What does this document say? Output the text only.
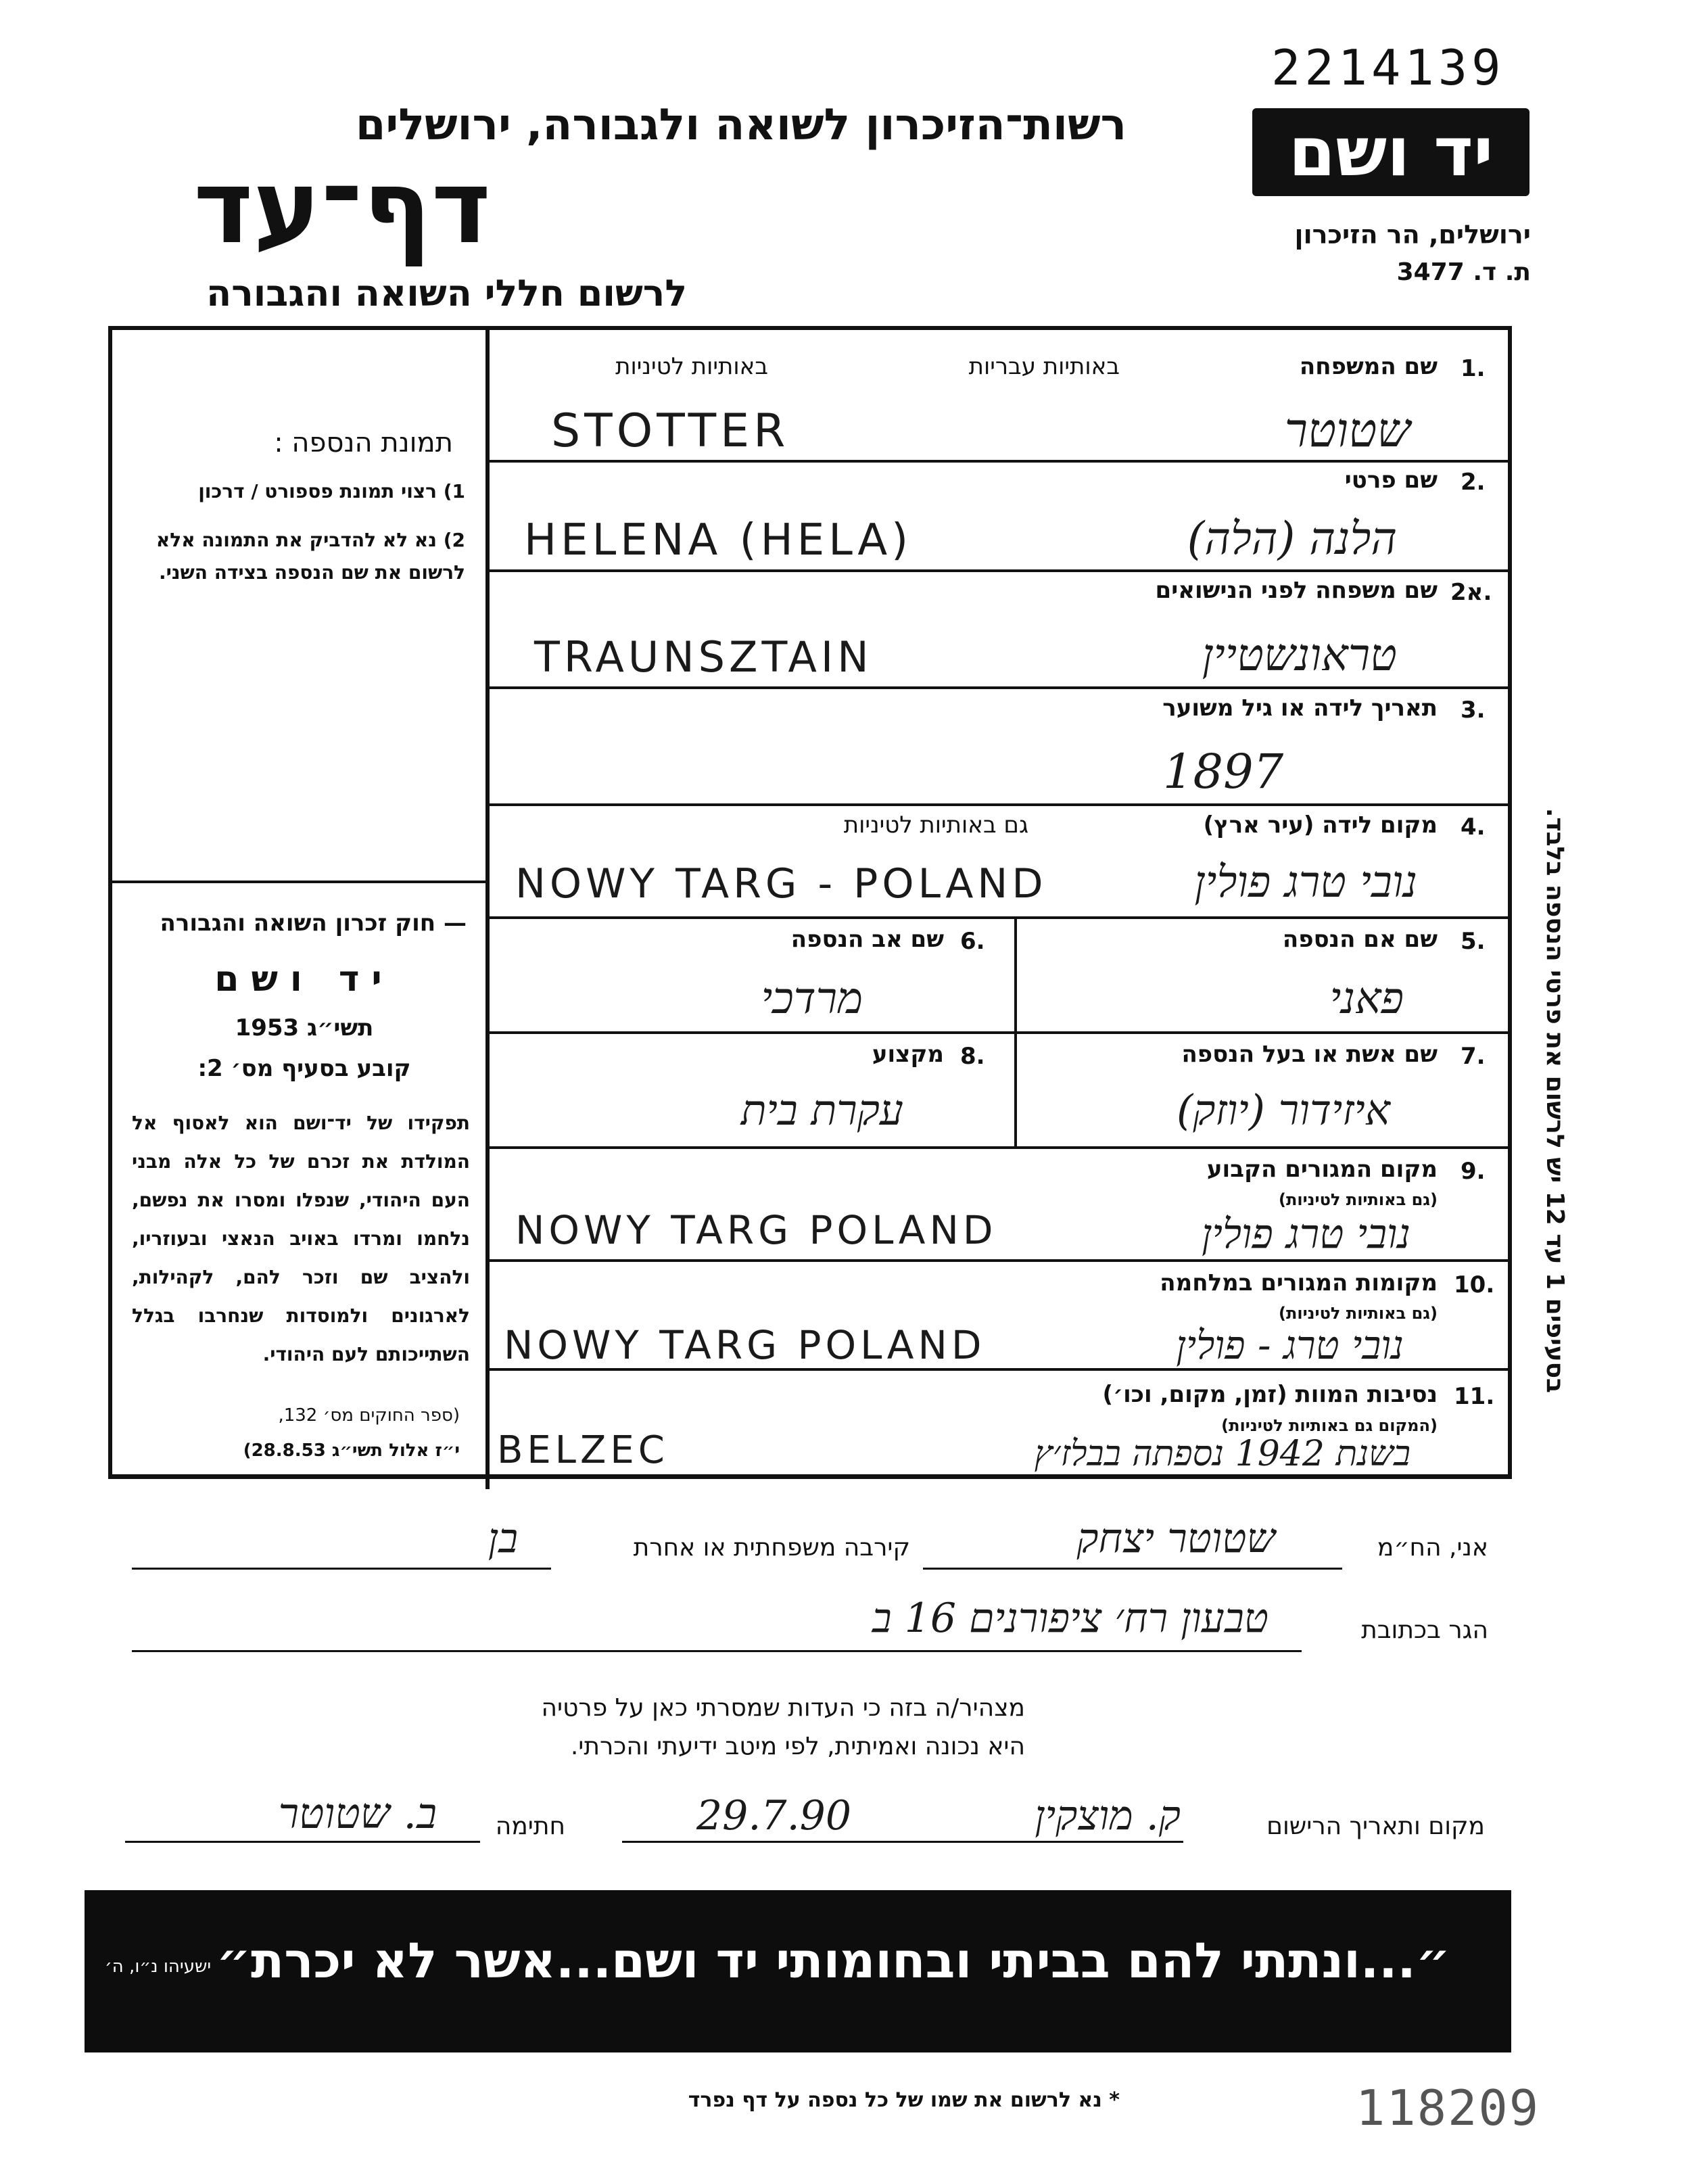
2214139
רשות־הזיכרון לשואה ולגבורה, ירושלים
דף־עד
לרשום חללי השואה והגבורה
יד ושם
ירושלים, הר הזיכרון
ת. ד. 3477
תמונת הנספה :
1) רצוי תמונת פספורט / דרכון
2) נא לא להדביק את התמונה אלא לרשום את שם הנספה בצידה השני.
— חוק זכרון השואה והגבורה
יד ושם
תשי״ג 1953
קובע בסעיף מס׳ 2:
תפקידו של יד־ושם הוא לאסוף אל המולדת את זכרם של כל אלה מבני העם היהודי, שנפלו ומסרו את נפשם, נלחמו ומרדו באויב הנאצי ובעוזריו, ולהציב שם וזכר להם, לקהילות, לארגונים ולמוסדות שנחרבו בגלל השתייכותם לעם היהודי.
(ספר החוקים מס׳ 132,
י״ז אלול תשי״ג 28.8.53)
1.
שם המשפחה
באותיות עבריות
באותיות לטיניות
שטוטר
STOTTER
2.
שם פרטי
הלנה (הלה)
HELENA (HELA)
2א.
שם משפחה לפני הנישואים
טראונשטיין
TRAUNSZTAIN
3.
תאריך לידה או גיל משוער
1897
4.
מקום לידה (עיר ארץ)
גם באותיות לטיניות
נובי טרג פולין
NOWY TARG - POLAND
5.
שם אם הנספה
פאני
6.
שם אב הנספה
מרדכי
7.
שם אשת או בעל הנספה
איזידור (יוזק)
8.
מקצוע
עקרת בית
9.
מקום המגורים הקבוע
(גם באותיות לטיניות)
נובי טרג פולין
NOWY TARG POLAND
10.
מקומות המגורים במלחמה
(גם באותיות לטיניות)
נובי טרג - פולין
NOWY TARG POLAND
11.
נסיבות המוות (זמן, מקום, וכו׳)
(המקום גם באותיות לטיניות)
בשנת 1942 נספתה בבלז׳ץ
BELZEC
בסעיפים 1 עד 12 יש לרשום את פרטי הנספה בלבד.
אני, הח״מ
שטוטר יצחק
קירבה משפחתית או אחרת
בן
הגר בכתובת
טבעון רח׳ ציפורנים 16 ב
מצהיר/ה בזה כי העדות שמסרתי כאן על פרטיה
היא נכונה ואמיתית, לפי מיטב ידיעתי והכרתי.
מקום ותאריך הרישום
ק. מוצקין
29.7.90
חתימה
ב. שטוטר
״...ונתתי להם בביתי ובחומותי יד ושם...אשר לא יכרת״
ישעיהו נ״ו, ה׳
* נא לרשום את שמו של כל נספה על דף נפרד	118209
